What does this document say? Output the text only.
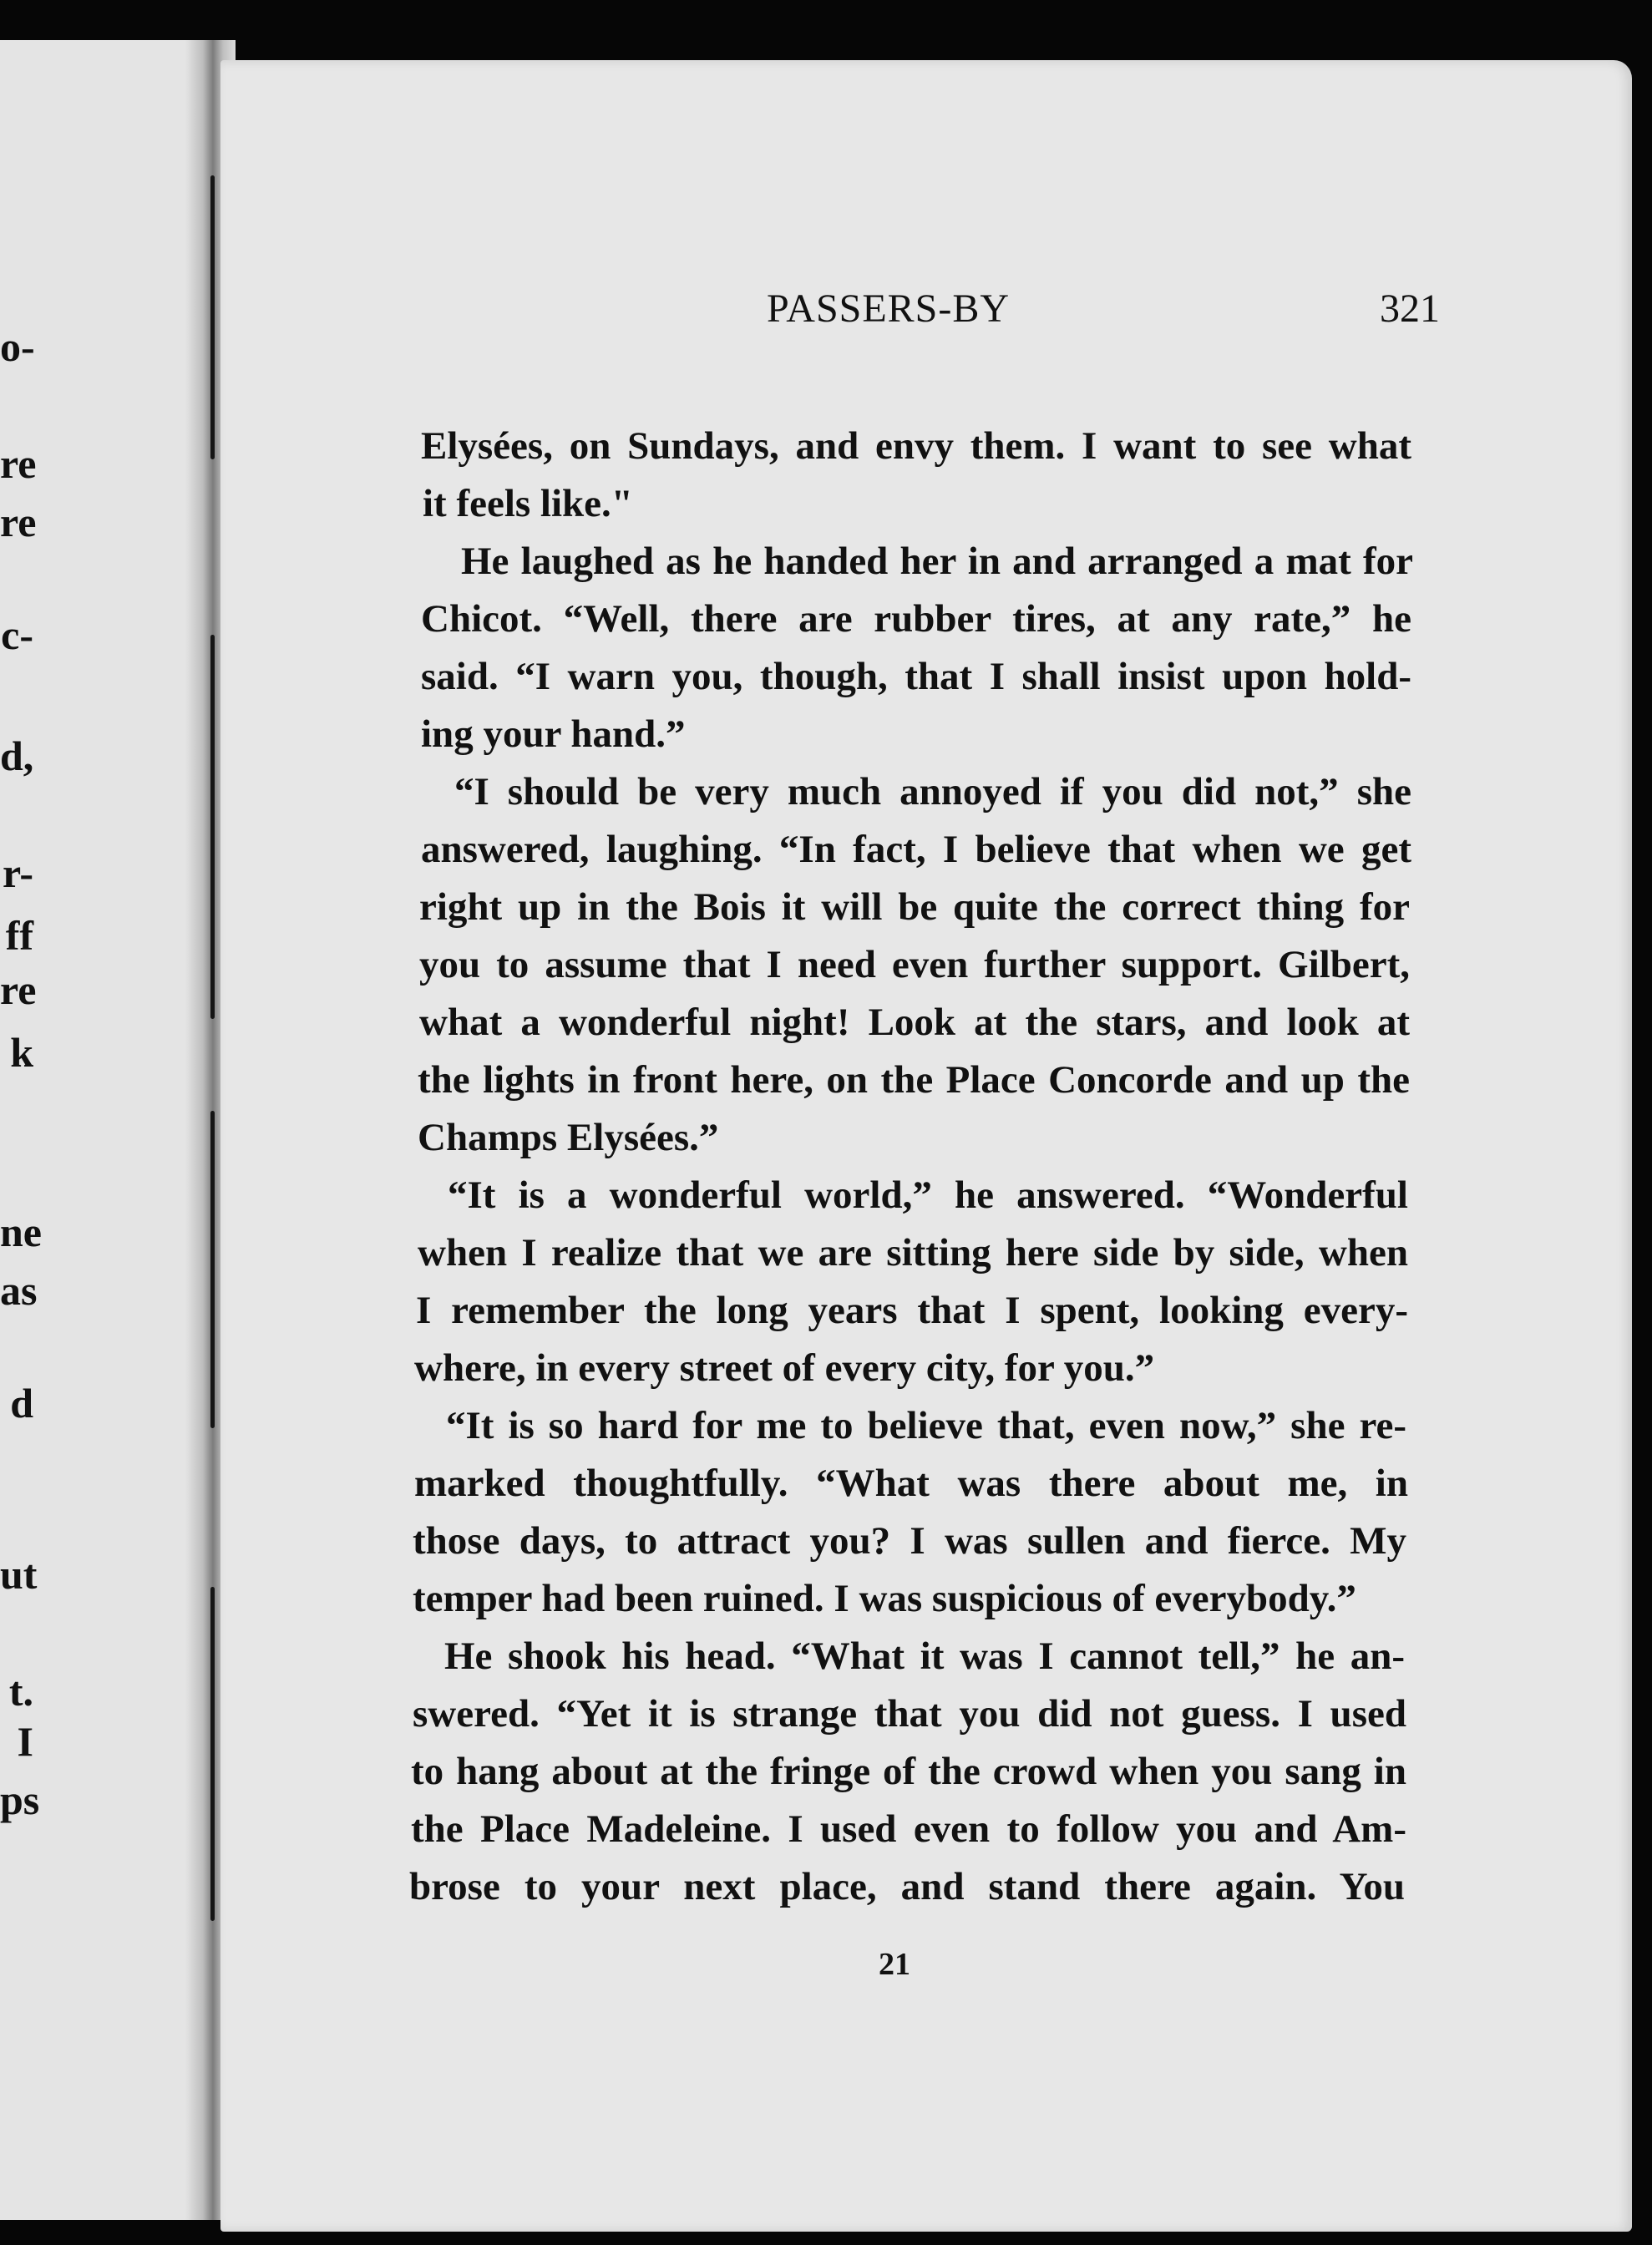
o-
re
re
c-
d,
r-
ff
re
k
ne
as
d
ut
t.
I
ps
PASSERS-BY	321
Elysées, on Sundays, and envy them. I want to see what
it feels like."
He laughed as he handed her in and arranged a mat for
Chicot. “Well, there are rubber tires, at any rate,” he
said. “I warn you, though, that I shall insist upon hold-
ing your hand.”
“I should be very much annoyed if you did not,” she
answered, laughing. “In fact, I believe that when we get
right up in the Bois it will be quite the correct thing for
you to assume that I need even further support. Gilbert,
what a wonderful night! Look at the stars, and look at
the lights in front here, on the Place Concorde and up the
Champs Elysées.”
“It is a wonderful world,” he answered. “Wonderful
when I realize that we are sitting here side by side, when
I remember the long years that I spent, looking every-
where, in every street of every city, for you.”
“It is so hard for me to believe that, even now,” she re-
marked thoughtfully. “What was there about me, in
those days, to attract you? I was sullen and fierce. My
temper had been ruined. I was suspicious of everybody.”
He shook his head. “What it was I cannot tell,” he an-
swered. “Yet it is strange that you did not guess. I used
to hang about at the fringe of the crowd when you sang in
the Place Madeleine. I used even to follow you and Am-
brose to your next place, and stand there again. You
21
